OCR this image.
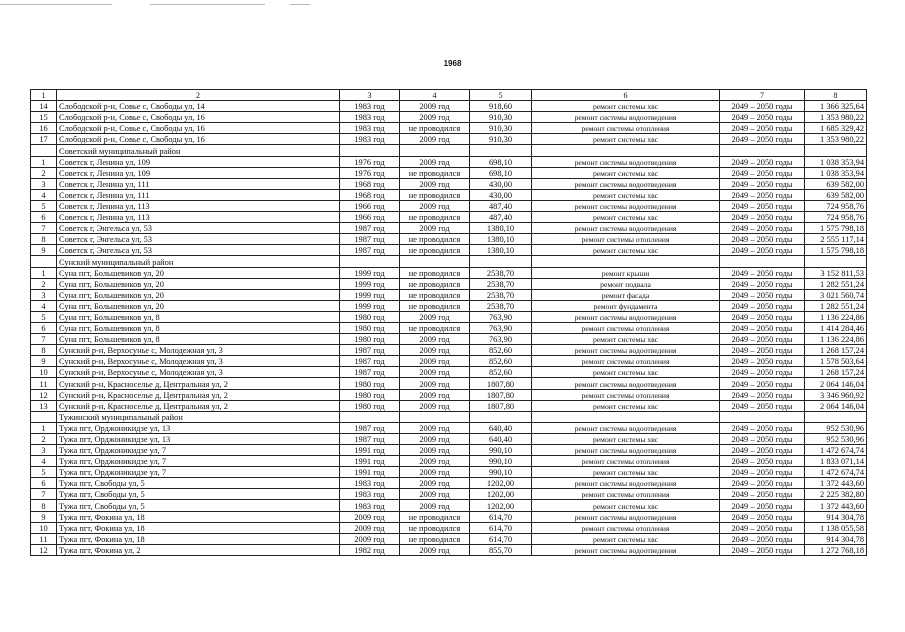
1968
1	2	3	4	5	6	7	8
14	Слободской р-н, Совье с, Свободы ул, 14	1983 год	2009 год	918,60	ремонт системы хвс	2049 – 2050 годы	1 366 325,64
15	Слободской р-н, Совье с, Свободы ул, 16	1983 год	2009 год	910,30	ремонт системы водоотведения	2049 – 2050 годы	1 353 980,22
16	Слободской р-н, Совье с, Свободы ул, 16	1983 год	не проводился	910,30	ремонт системы отопления	2049 – 2050 годы	1 685 329,42
17	Слободской р-н, Совье с, Свободы ул, 16	1983 год	2009 год	910,30	ремонт системы хвс	2049 – 2050 годы	1 353 980,22
	Советский муниципальный район						
1	Советск г, Ленина ул, 109	1976 год	2009 год	698,10	ремонт системы водоотведения	2049 – 2050 годы	1 038 353,94
2	Советск г, Ленина ул, 109	1976 год	не проводился	698,10	ремонт системы хвс	2049 – 2050 годы	1 038 353,94
3	Советск г, Ленина ул, 111	1968 год	2009 год	430,00	ремонт системы водоотведения	2049 – 2050 годы	639 582,00
4	Советск г, Ленина ул, 111	1968 год	не проводился	430,00	ремонт системы хвс	2049 – 2050 годы	639 582,00
5	Советск г, Ленина ул, 113	1966 год	2009 год	487,40	ремонт системы водоотведения	2049 – 2050 годы	724 958,76
6	Советск г, Ленина ул, 113	1966 год	не проводился	487,40	ремонт системы хвс	2049 – 2050 годы	724 958,76
7	Советск г, Энгельса ул, 53	1987 год	2009 год	1380,10	ремонт системы водоотведения	2049 – 2050 годы	1 575 798,18
8	Советск г, Энгельса ул, 53	1987 год	не проводился	1380,10	ремонт системы отопления	2049 – 2050 годы	2 555 117,14
9	Советск г, Энгельса ул, 53	1987 год	не проводился	1380,10	ремонт системы хвс	2049 – 2050 годы	1 575 798,18
	Сунский муниципальный район						
1	Суна пгт, Большевиков ул, 20	1999 год	не проводился	2538,70	ремонт крыши	2049 – 2050 годы	3 152 811,53
2	Суна пгт, Большевиков ул, 20	1999 год	не проводился	2538,70	ремонт подвала	2049 – 2050 годы	1 282 551,24
3	Суна пгт, Большевиков ул, 20	1999 год	не проводился	2538,70	ремонт фасада	2049 – 2050 годы	3 021 560,74
4	Суна пгт, Большевиков ул, 20	1999 год	не проводился	2538,70	ремонт фундамента	2049 – 2050 годы	1 282 551,24
5	Суна пгт, Большевиков ул, 8	1980 год	2009 год	763,90	ремонт системы водоотведения	2049 – 2050 годы	1 136 224,86
6	Суна пгт, Большевиков ул, 8	1980 год	не проводился	763,90	ремонт системы отопления	2049 – 2050 годы	1 414 284,46
7	Суна пгт, Большевиков ул, 8	1980 год	2009 год	763,90	ремонт системы хвс	2049 – 2050 годы	1 136 224,86
8	Сунский р-н, Верхосунье с, Молодежная ул, 3	1987 год	2009 год	852,60	ремонт системы водоотведения	2049 – 2050 годы	1 268 157,24
9	Сунский р-н, Верхосунье с, Молодежная ул, 3	1987 год	2009 год	852,60	ремонт системы отопления	2049 – 2050 годы	1 578 503,64
10	Сунский р-н, Верхосунье с, Молодежная ул, 3	1987 год	2009 год	852,60	ремонт системы хвс	2049 – 2050 годы	1 268 157,24
11	Сунский р-н, Красноселье д, Центральная ул, 2	1980 год	2009 год	1807,80	ремонт системы водоотведения	2049 – 2050 годы	2 064 146,04
12	Сунский р-н, Красноселье д, Центральная ул, 2	1980 год	2009 год	1807,80	ремонт системы отопления	2049 – 2050 годы	3 346 960,92
13	Сунский р-н, Красноселье д, Центральная ул, 2	1980 год	2009 год	1807,80	ремонт системы хвс	2049 – 2050 годы	2 064 146,04
	Тужинский муниципальный район						
1	Тужа пгт, Орджоникидзе ул, 13	1987 год	2009 год	640,40	ремонт системы водоотведения	2049 – 2050 годы	952 530,96
2	Тужа пгт, Орджоникидзе ул, 13	1987 год	2009 год	640,40	ремонт системы хвс	2049 – 2050 годы	952 530,96
3	Тужа пгт, Орджоникидзе ул, 7	1991 год	2009 год	990,10	ремонт системы водоотведения	2049 – 2050 годы	1 472 674,74
4	Тужа пгт, Орджоникидзе ул, 7	1991 год	2009 год	990,10	ремонт системы отопления	2049 – 2050 годы	1 833 071,14
5	Тужа пгт, Орджоникидзе ул, 7	1991 год	2009 год	990,10	ремонт системы хвс	2049 – 2050 годы	1 472 674,74
6	Тужа пгт, Свободы ул, 5	1983 год	2009 год	1202,00	ремонт системы водоотведения	2049 – 2050 годы	1 372 443,60
7	Тужа пгт, Свободы ул, 5	1983 год	2009 год	1202,00	ремонт системы отопления	2049 – 2050 годы	2 225 382,80
8	Тужа пгт, Свободы ул, 5	1983 год	2009 год	1202,00	ремонт системы хвс	2049 – 2050 годы	1 372 443,60
9	Тужа пгт, Фокина ул, 18	2009 год	не проводился	614,70	ремонт системы водоотведения	2049 – 2050 годы	914 304,78
10	Тужа пгт, Фокина ул, 18	2009 год	не проводился	614,70	ремонт системы отопления	2049 – 2050 годы	1 138 055,58
11	Тужа пгт, Фокина ул, 18	2009 год	не проводился	614,70	ремонт системы хвс	2049 – 2050 годы	914 304,78
12	Тужа пгт, Фокина ул, 2	1982 год	2009 год	855,70	ремонт системы водоотведения	2049 – 2050 годы	1 272 768,18
